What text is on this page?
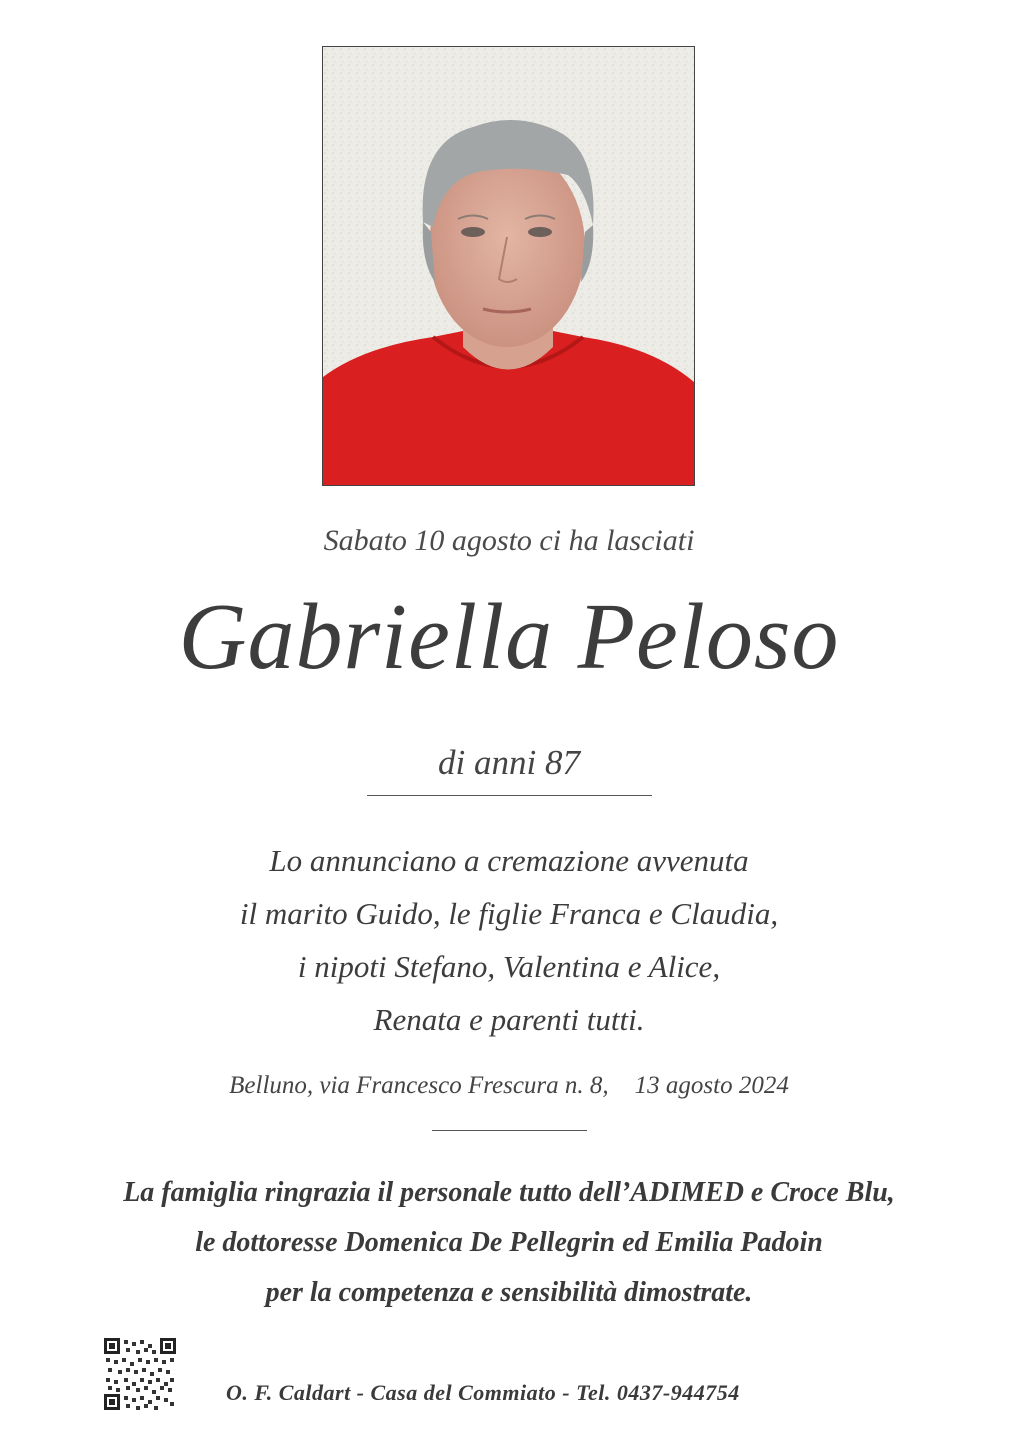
Sabato 10 agosto ci ha lasciati
Gabriella Peloso
di anni 87
Lo annunciano a cremazione avvenuta
il marito Guido, le figlie Franca e Claudia,
i nipoti Stefano, Valentina e Alice,
Renata e parenti tutti.
Belluno, via Francesco Frescura n. 8, 13 agosto 2024
La famiglia ringrazia il personale tutto dell’ADIMED e Croce Blu,
le dottoresse Domenica De Pellegrin ed Emilia Padoin
per la competenza e sensibilità dimostrate.
O. F. Caldart - Casa del Commiato - Tel. 0437-944754
